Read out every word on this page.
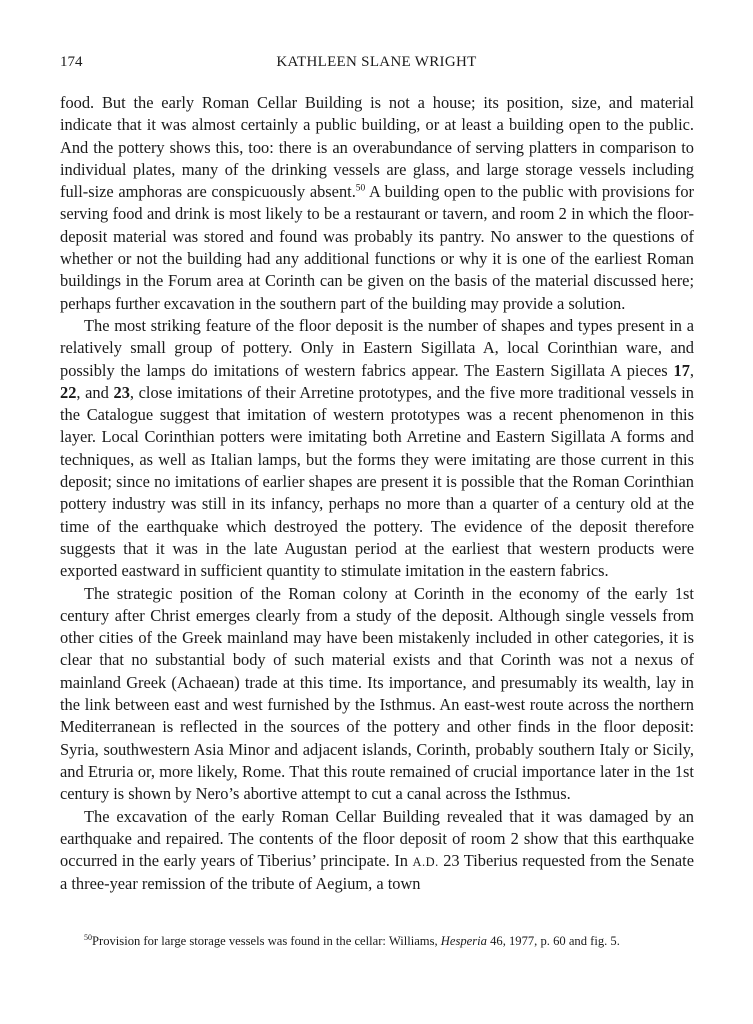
174	KATHLEEN SLANE WRIGHT

food. But the early Roman Cellar Building is not a house; its position, size, and material indicate that it was almost certainly a public building, or at least a building open to the public. And the pottery shows this, too: there is an overabundance of serving platters in comparison to individual plates, many of the drinking vessels are glass, and large storage vessels including full-size amphoras are conspicuously absent.$^{50}$ A building open to the public with provisions for serving food and drink is most likely to be a restaurant or tavern, and room 2 in which the floor-deposit material was stored and found was probably its pantry. No answer to the questions of whether or not the building had any additional functions or why it is one of the earliest Roman buildings in the Forum area at Corinth can be given on the basis of the material discussed here; perhaps further excavation in the southern part of the building may provide a solution.

The most striking feature of the floor deposit is the number of shapes and types present in a relatively small group of pottery. Only in Eastern Sigillata A, local Corinthian ware, and possibly the lamps do imitations of western fabrics appear. The Eastern Sigillata A pieces 17, 22, and 23, close imitations of their Arretine prototypes, and the five more traditional vessels in the Catalogue suggest that imitation of western prototypes was a recent phenomenon in this layer. Local Corinthian potters were imitating both Arretine and Eastern Sigillata A forms and techniques, as well as Italian lamps, but the forms they were imitating are those current in this deposit; since no imitations of earlier shapes are present it is possible that the Roman Corinthian pottery industry was still in its infancy, perhaps no more than a quarter of a century old at the time of the earthquake which destroyed the pottery. The evidence of the deposit therefore suggests that it was in the late Augustan period at the earliest that western products were exported eastward in sufficient quantity to stimulate imitation in the eastern fabrics.

The strategic position of the Roman colony at Corinth in the economy of the early 1st century after Christ emerges clearly from a study of the deposit. Although single vessels from other cities of the Greek mainland may have been mistakenly included in other categories, it is clear that no substantial body of such material exists and that Corinth was not a nexus of mainland Greek (Achaean) trade at this time. Its importance, and presumably its wealth, lay in the link between east and west furnished by the Isthmus. An east-west route across the northern Mediterranean is reflected in the sources of the pottery and other finds in the floor deposit: Syria, southwestern Asia Minor and adjacent islands, Corinth, probably southern Italy or Sicily, and Etruria or, more likely, Rome. That this route remained of crucial importance later in the 1st century is shown by Nero’s abortive attempt to cut a canal across the Isthmus.

The excavation of the early Roman Cellar Building revealed that it was damaged by an earthquake and repaired. The contents of the floor deposit of room 2 show that this earthquake occurred in the early years of Tiberius’ principate. In A.D. 23 Tiberius requested from the Senate a three-year remission of the tribute of Aegium, a town

$^{50}$Provision for large storage vessels was found in the cellar: Williams, Hesperia 46, 1977, p. 60 and fig. 5.
